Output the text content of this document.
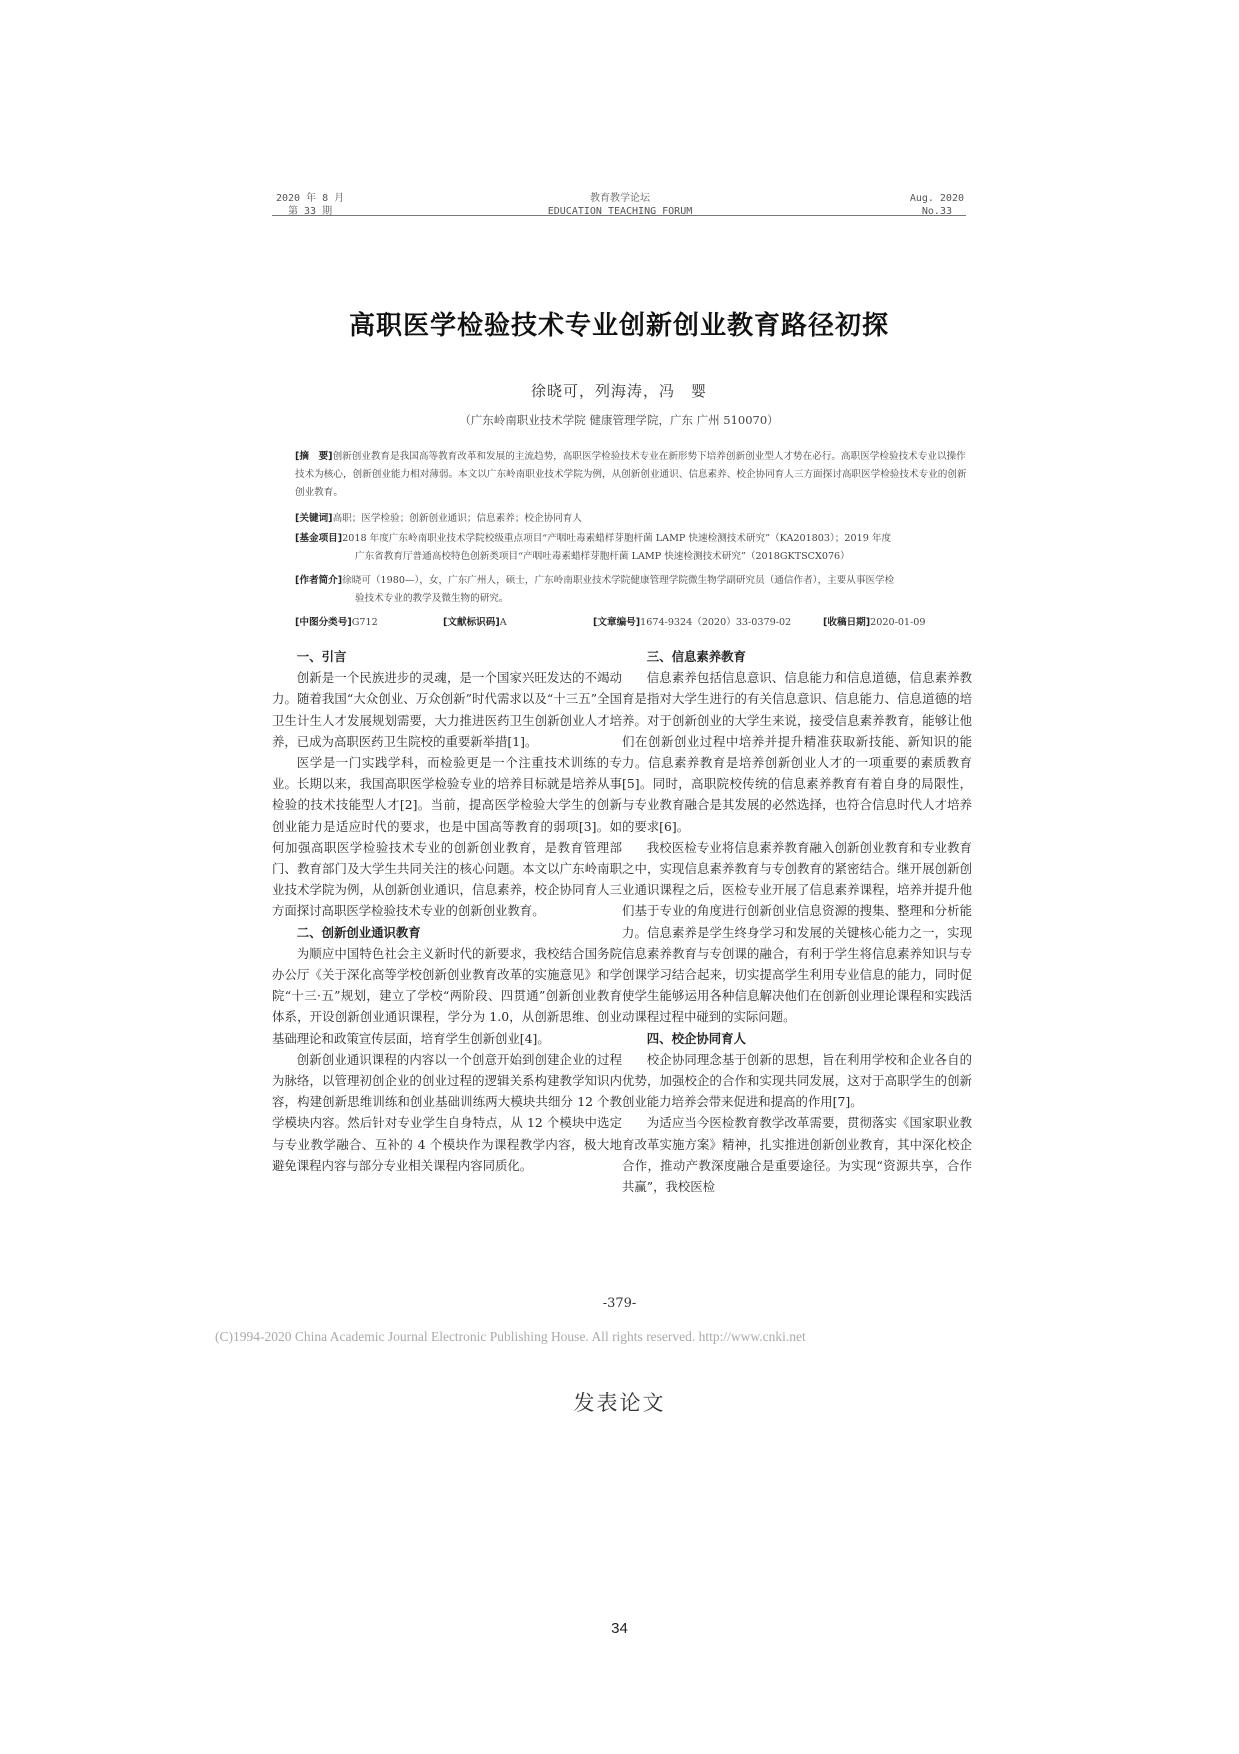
2020 年 8 月
第 33 期
教育教学论坛
EDUCATION TEACHING FORUM
Aug. 2020
No.33
高职医学检验技术专业创新创业教育路径初探
徐晓可，列海涛，冯　婴
（广东岭南职业技术学院 健康管理学院，广东 广州 510070）
[摘　要]创新创业教育是我国高等教育改革和发展的主流趋势，高职医学检验技术专业在新形势下培养创新创业型人才势在必行。高职医学检验技术专业以操作技术为核心，创新创业能力相对薄弱。本文以广东岭南职业技术学院为例，从创新创业通识、信息素养、校企协同育人三方面探讨高职医学检验技术专业的创新创业教育。
[关键词]高职；医学检验；创新创业通识；信息素养；校企协同育人
[基金项目]2018 年度广东岭南职业技术学院校级重点项目“产咽吐毒素蜡样芽胞杆菌 LAMP 快速检测技术研究”（KA201803）；2019 年度
广东省教育厅普通高校特色创新类项目“产咽吐毒素蜡样芽胞杆菌 LAMP 快速检测技术研究”（2018GKTSCX076）
[作者简介]徐晓可（1980—），女，广东广州人，硕士，广东岭南职业技术学院健康管理学院微生物学副研究员（通信作者），主要从事医学检
验技术专业的教学及微生物的研究。
[中图分类号]G712	[文献标识码]A	[文章编号]1674-9324（2020）33-0379-02	[收稿日期]2020-01-09
一、引言

创新是一个民族进步的灵魂，是一个国家兴旺发达的不竭动力。随着我国“大众创业、万众创新”时代需求以及“十三五”全国卫生计生人才发展规划需要，大力推进医药卫生创新创业人才培养，已成为高职医药卫生院校的重要新举措[1]。

医学是一门实践学科，而检验更是一个注重技术训练的专业。长期以来，我国高职医学检验专业的培养目标就是培养从事检验的技术技能型人才[2]。当前，提高医学检验大学生的创新创业能力是适应时代的要求，也是中国高等教育的弱项[3]。如何加强高职医学检验技术专业的创新创业教育，是教育管理部门、教育部门及大学生共同关注的核心问题。本文以广东岭南职业技术学院为例，从创新创业通识，信息素养，校企协同育人三方面探讨高职医学检验技术专业的创新创业教育。

二、创新创业通识教育

为顺应中国特色社会主义新时代的新要求，我校结合国务院办公厅《关于深化高等学校创新创业教育改革的实施意见》和学院“十三·五”规划，建立了学校“两阶段、四贯通”创新创业教育体系，开设创新创业通识课程，学分为 1.0，从创新思维、创业基础理论和政策宣传层面，培育学生创新创业[4]。

创新创业通识课程的内容以一个创意开始到创建企业的过程为脉络，以管理初创企业的创业过程的逻辑关系构建教学知识内容，构建创新思维训练和创业基础训练两大模块共细分 12 个教学模块内容。然后针对专业学生自身特点，从 12 个模块中选定与专业教学融合、互补的 4 个模块作为课程教学内容，极大地避免课程内容与部分专业相关课程内容同质化。

三、信息素养教育

信息素养包括信息意识、信息能力和信息道德，信息素养教育是指对大学生进行的有关信息意识、信息能力、信息道德的培养。对于创新创业的大学生来说，接受信息素养教育，能够让他们在创新创业过程中培养并提升精准获取新技能、新知识的能力。信息素养教育是培养创新创业人才的一项重要的素质教育[5]。同时，高职院校传统的信息素养教育有着自身的局限性，与专业教育融合是其发展的必然选择，也符合信息时代人才培养的要求[6]。

我校医检专业将信息素养教育融入创新创业教育和专业教育之中，实现信息素养教育与专创教育的紧密结合。继开展创新创业通识课程之后，医检专业开展了信息素养课程，培养并提升他们基于专业的角度进行创新创业信息资源的搜集、整理和分析能力。信息素养是学生终身学习和发展的关键核心能力之一，实现信息素养教育与专创课的融合，有利于学生将信息素养知识与专创课学习结合起来，切实提高学生利用专业信息的能力，同时促使学生能够运用各种信息解决他们在创新创业理论课程和实践活动课程过程中碰到的实际问题。

四、校企协同育人

校企协同理念基于创新的思想，旨在利用学校和企业各自的优势，加强校企的合作和实现共同发展，这对于高职学生的创新创业能力培养会带来促进和提高的作用[7]。

为适应当今医检教育教学改革需要，贯彻落实《国家职业教育改革实施方案》精神，扎实推进创新创业教育，其中深化校企合作，推动产教深度融合是重要途径。为实现“资源共享，合作共赢”，我校医检

-379-
(C)1994-2020 China Academic Journal Electronic Publishing House. All rights reserved. http://www.cnki.net
发表论文
34
